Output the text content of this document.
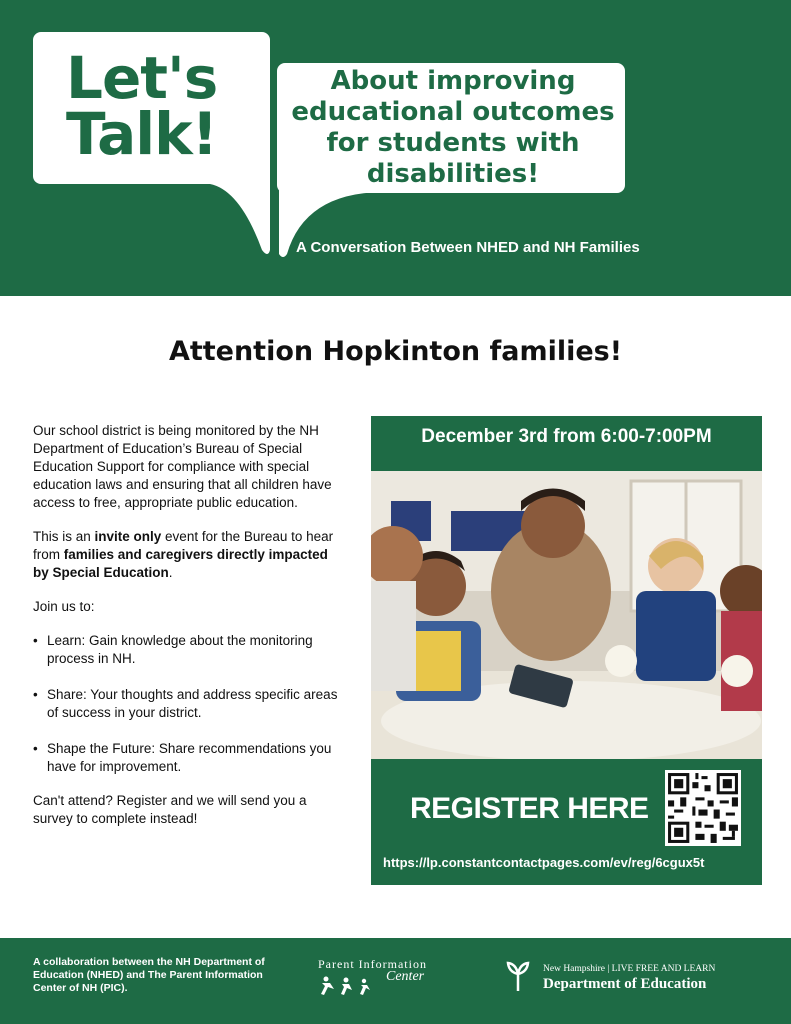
Let's
Talk!
About improving educational outcomes for students with disabilities!
A Conversation Between NHED and NH Families
Attention Hopkinton families!

Our school district is being monitored by the NH Department of Education’s Bureau of Special Education Support for compliance with special education laws and ensuring that all children have access to free, appropriate public education.

This is an invite only event for the Bureau to hear from families and caregivers directly impacted by Special Education.

Join us to:

• Learn: Gain knowledge about the monitoring process in NH.
• Share: Your thoughts and address specific areas of success in your district.
• Shape the Future: Share recommendations you have for improvement.

Can't attend? Register and we will send you a survey to complete instead!

December 3rd from 6:00-7:00PM
REGISTER HERE
https://lp.constantcontactpages.com/ev/reg/6cgux5t
A collaboration between the NH Department of Education (NHED) and The Parent Information Center of NH (PIC).
Parent Information
Center	New Hampshire | LIVE FREE AND LEARN
Department of Education
